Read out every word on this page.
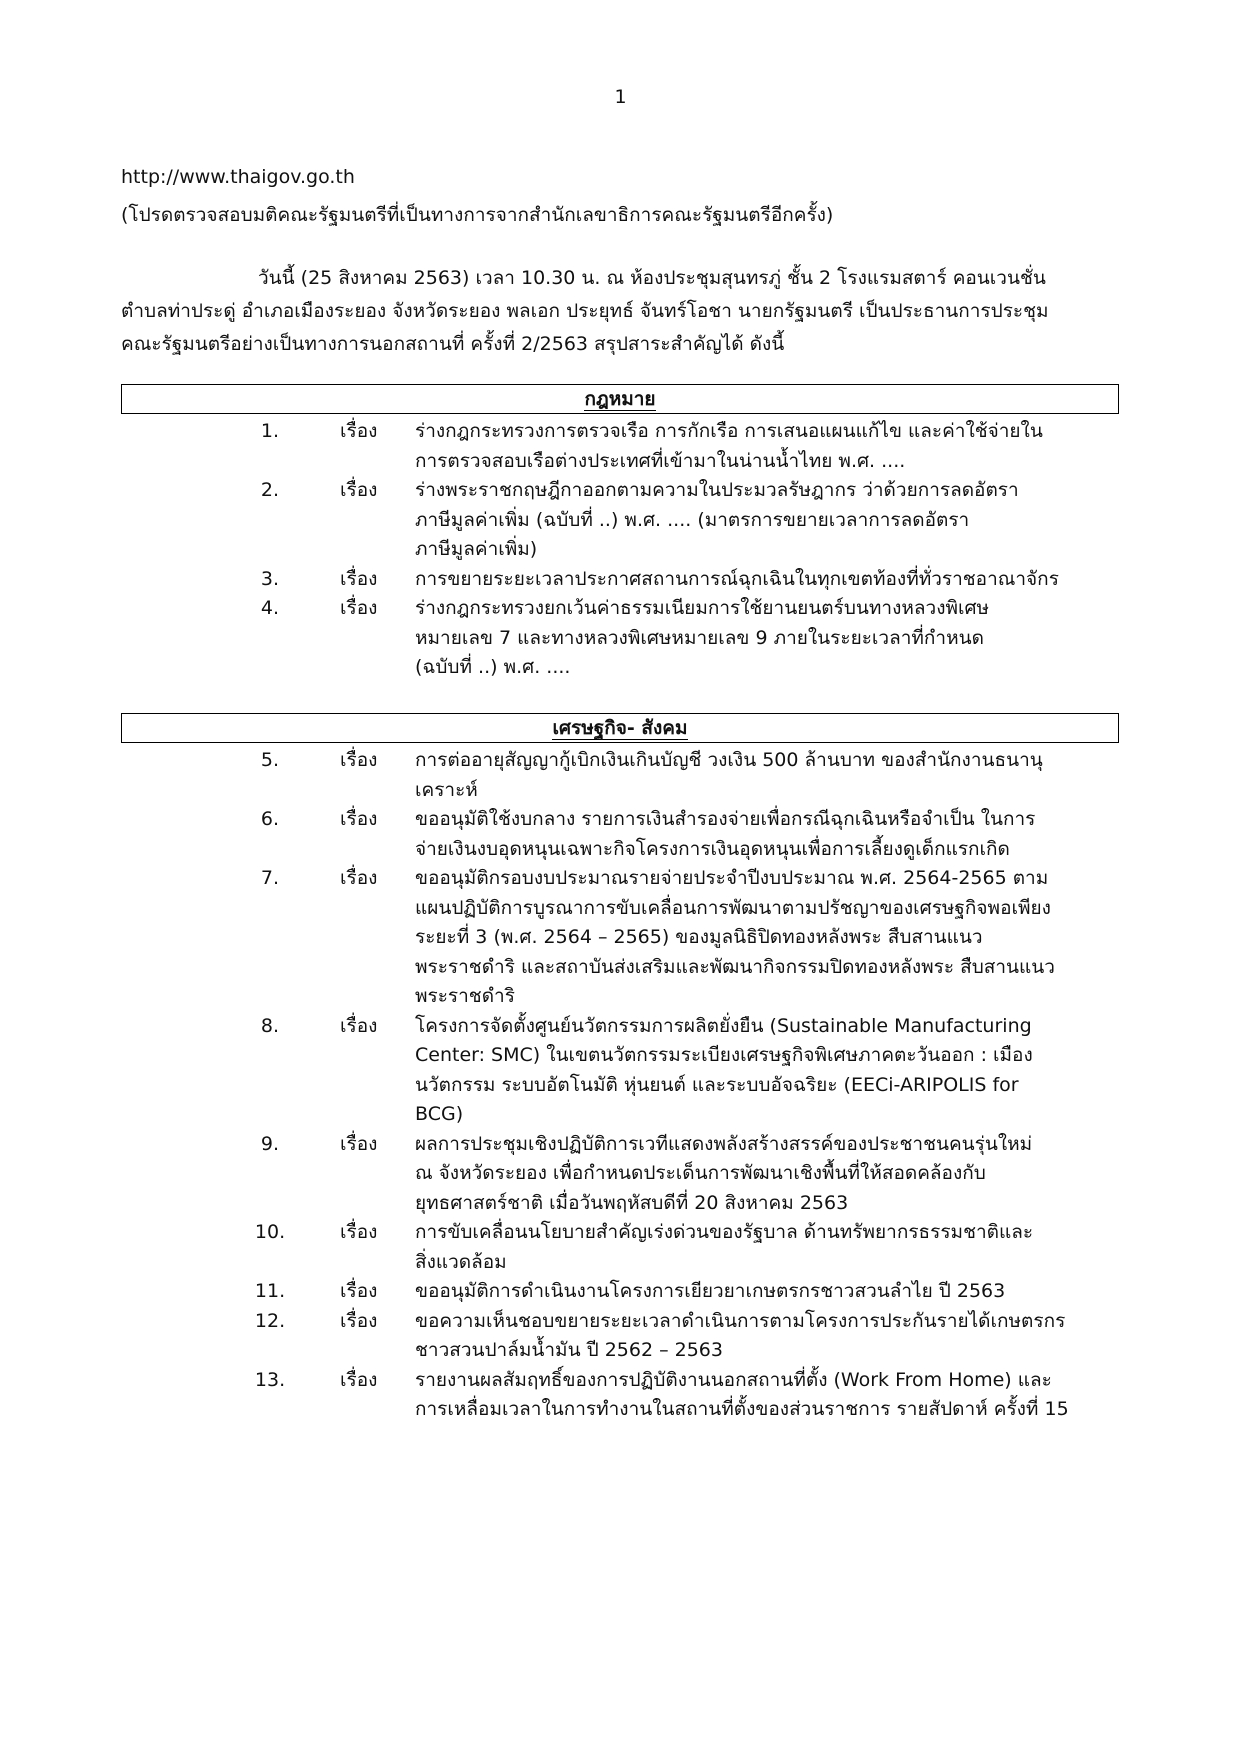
1
http://www.thaigov.go.th
(โปรดตรวจสอบมติคณะรัฐมนตรีที่เป็นทางการจากสำนักเลขาธิการคณะรัฐมนตรีอีกครั้ง)
วันนี้ (25 สิงหาคม 2563) เวลา 10.30 น. ณ ห้องประชุมสุนทรภู่ ชั้น 2 โรงแรมสตาร์ คอนเวนชั่น
ตำบลท่าประดู่ อำเภอเมืองระยอง จังหวัดระยอง พลเอก ประยุทธ์ จันทร์โอชา นายกรัฐมนตรี เป็นประธานการประชุม
คณะรัฐมนตรีอย่างเป็นทางการนอกสถานที่ ครั้งที่ 2/2563 สรุปสาระสำคัญได้ ดังนี้
กฎหมาย
1.	เรื่อง ร่างกฎกระทรวงการตรวจเรือ การกักเรือ การเสนอแผนแก้ไข และค่าใช้จ่ายใน
การตรวจสอบเรือต่างประเทศที่เข้ามาในน่านน้ำไทย พ.ศ. ....
2.	เรื่อง ร่างพระราชกฤษฎีกาออกตามความในประมวลรัษฎากร ว่าด้วยการลดอัตรา
ภาษีมูลค่าเพิ่ม (ฉบับที่ ..) พ.ศ. .... (มาตรการขยายเวลาการลดอัตรา
ภาษีมูลค่าเพิ่ม)
3.	เรื่อง การขยายระยะเวลาประกาศสถานการณ์ฉุกเฉินในทุกเขตท้องที่ทั่วราชอาณาจักร
4.	เรื่อง ร่างกฎกระทรวงยกเว้นค่าธรรมเนียมการใช้ยานยนตร์บนทางหลวงพิเศษ
หมายเลข 7 และทางหลวงพิเศษหมายเลข 9 ภายในระยะเวลาที่กำหนด
(ฉบับที่ ..) พ.ศ. ....
เศรษฐกิจ- สังคม
5.	เรื่อง การต่ออายุสัญญากู้เบิกเงินเกินบัญชี วงเงิน 500 ล้านบาท ของสำนักงานธนานุ
เคราะห์
6.	เรื่อง ขออนุมัติใช้งบกลาง รายการเงินสำรองจ่ายเพื่อกรณีฉุกเฉินหรือจำเป็น ในการ
จ่ายเงินงบอุดหนุนเฉพาะกิจโครงการเงินอุดหนุนเพื่อการเลี้ยงดูเด็กแรกเกิด
7.	เรื่อง ขออนุมัติกรอบงบประมาณรายจ่ายประจำปีงบประมาณ พ.ศ. 2564-2565 ตาม
แผนปฏิบัติการบูรณาการขับเคลื่อนการพัฒนาตามปรัชญาของเศรษฐกิจพอเพียง
ระยะที่ 3 (พ.ศ. 2564 – 2565) ของมูลนิธิปิดทองหลังพระ สืบสานแนว
พระราชดำริ และสถาบันส่งเสริมและพัฒนากิจกรรมปิดทองหลังพระ สืบสานแนว
พระราชดำริ
8.	เรื่อง โครงการจัดตั้งศูนย์นวัตกรรมการผลิตยั่งยืน (Sustainable Manufacturing
Center: SMC) ในเขตนวัตกรรมระเบียงเศรษฐกิจพิเศษภาคตะวันออก : เมือง
นวัตกรรม ระบบอัตโนมัติ หุ่นยนต์ และระบบอัจฉริยะ (EECi-ARIPOLIS for
BCG)
9.	เรื่อง ผลการประชุมเชิงปฏิบัติการเวทีแสดงพลังสร้างสรรค์ของประชาชนคนรุ่นใหม่
ณ จังหวัดระยอง เพื่อกำหนดประเด็นการพัฒนาเชิงพื้นที่ให้สอดคล้องกับ
ยุทธศาสตร์ชาติ เมื่อวันพฤหัสบดีที่ 20 สิงหาคม 2563
10.	เรื่อง การขับเคลื่อนนโยบายสำคัญเร่งด่วนของรัฐบาล ด้านทรัพยากรธรรมชาติและ
สิ่งแวดล้อม
11.	เรื่อง ขออนุมัติการดำเนินงานโครงการเยียวยาเกษตรกรชาวสวนลำไย ปี 2563
12.	เรื่อง ขอความเห็นชอบขยายระยะเวลาดำเนินการตามโครงการประกันรายได้เกษตรกร
ชาวสวนปาล์มน้ำมัน ปี 2562 – 2563
13.	เรื่อง รายงานผลสัมฤทธิ์ของการปฏิบัติงานนอกสถานที่ตั้ง (Work From Home) และ
การเหลื่อมเวลาในการทำงานในสถานที่ตั้งของส่วนราชการ รายสัปดาห์ ครั้งที่ 15
